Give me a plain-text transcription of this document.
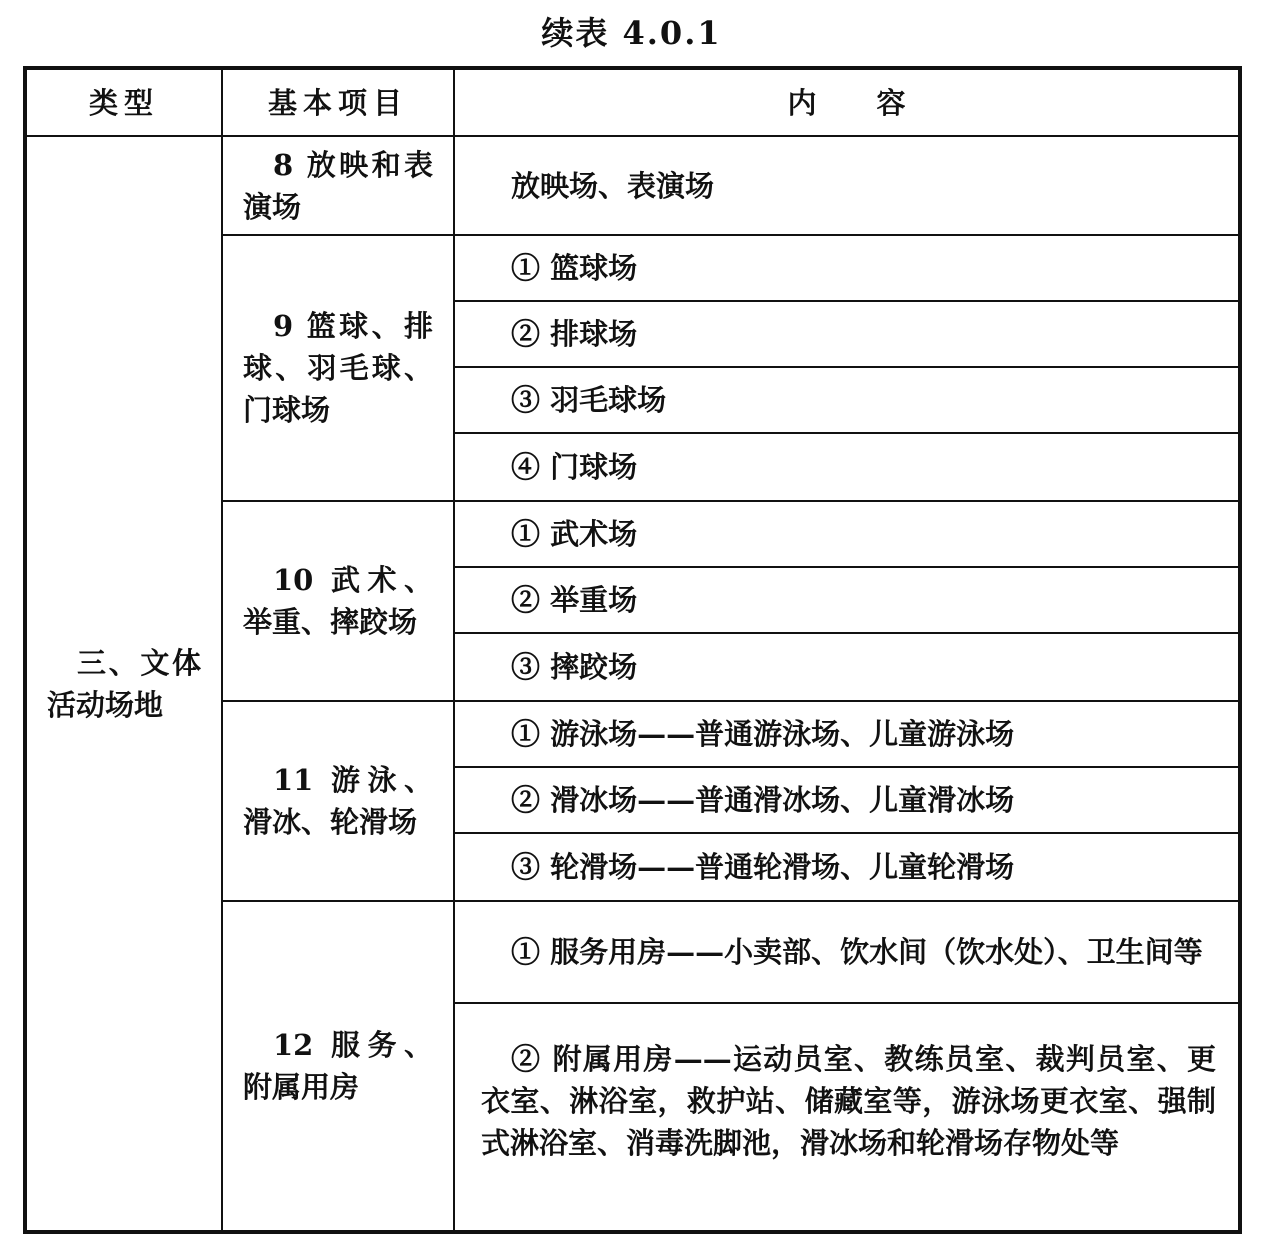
续表 4.0.1
类型	基本项目	内容
三、文体活动场地	8 放映和表演场	放映场、表演场
	9 篮球、排球、羽毛球、门球场	① 篮球场
		② 排球场
		③ 羽毛球场
		④ 门球场
	10 武术、举重、摔跤场	① 武术场
		② 举重场
		③ 摔跤场
	11 游泳、滑冰、轮滑场	① 游泳场——普通游泳场、儿童游泳场
		② 滑冰场——普通滑冰场、儿童滑冰场
		③ 轮滑场——普通轮滑场、儿童轮滑场
	12 服务、附属用房	① 服务用房——小卖部、饮水间（饮水处）、卫生间等
		② 附属用房——运动员室、教练员室、裁判员室、更衣室、淋浴室，救护站、储藏室等，游泳场更衣室、强制式淋浴室、消毒洗脚池，滑冰场和轮滑场存物处等
